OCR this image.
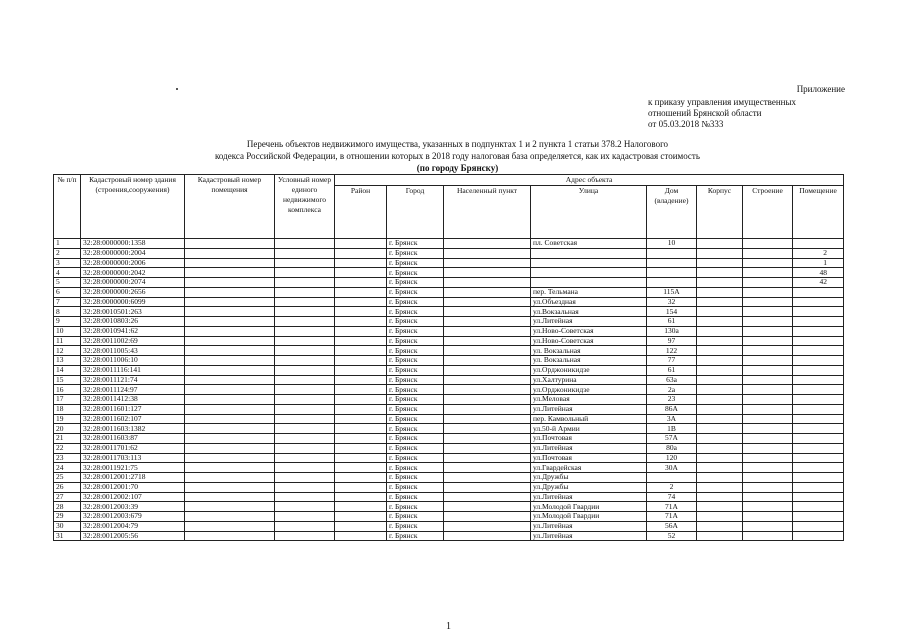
Приложение
к приказу управления имущественных
отношений Брянской области
от 05.03.2018 №333
Перечень объектов недвижимого имущества, указанных в подпунктах 1 и 2 пункта 1 статьи 378.2 Налогового
кодекса Российской Федерации, в отношении которых в 2018 году налоговая база определяется, как их кадастровая стоимость
(по городу Брянску)
№ п/п	Кадастровый номер здания (строения,сооружения)	Кадастровый номер помещения	Условный номер единого недвижимого комплекса	Адрес объекта							
				Район	Город	Населенный пункт	Улица	Дом (владение)	Корпус	Строение	Помещение
1	32:28:0000000:1358				г. Брянск		пл. Советская	10			
2	32:28:0000000:2004				г. Брянск						2
3	32:28:0000000:2006				г. Брянск						1
4	32:28:0000000:2042				г. Брянск						48
5	32:28:0000000:2074				г. Брянск						42
6	32:28:0000000:2656				г. Брянск		пер. Тельмана	115А			
7	32:28:0000000:6099				г. Брянск		ул.Объездная	32			
8	32:28:0010501:263				г. Брянск		ул.Вокзальная	154			
9	32:28:0010803:26				г. Брянск		ул.Литейная	61			
10	32:28:0010941:62				г. Брянск		ул.Ново-Советская	130а			
11	32:28:0011002:69				г. Брянск		ул.Ново-Советская	97			
12	32:28:0011005:43				г. Брянск		ул. Вокзальная	122			
13	32:28:0011006:10				г. Брянск		ул. Вокзальная	77			
14	32:28:0011116:141				г. Брянск		ул.Орджоникидзе	61			
15	32:28:0011121:74				г. Брянск		ул.Халтурина	63а			
16	32:28:0011124:97				г. Брянск		ул.Орджоникидзе	2а			
17	32:28:0011412:38				г. Брянск		ул.Меловая	23			
18	32:28:0011601:127				г. Брянск		ул.Литейная	86А			
19	32:28:0011602:107				г. Брянск		пер. Камвольный	3А			
20	32:28:0011603:1382				г. Брянск		ул.50-й Армии	1В			
21	32:28:0011603:87				г. Брянск		ул.Почтовая	57А			
22	32:28:0011701:62				г. Брянск		ул.Литейная	80а			
23	32:28:0011703:113				г. Брянск		ул.Почтовая	120			
24	32:28:0011921:75				г. Брянск		ул.Гвардейская	30А			
25	32:28:0012001:2718				г. Брянск		ул.Дружбы				
26	32:28:0012001:70				г. Брянск		ул.Дружбы	2			
27	32:28:0012002:107				г. Брянск		ул.Литейная	74			
28	32:28:0012003:39				г. Брянск		ул.Молодой Гвардии	71А			
29	32:28:0012003:679				г. Брянск		ул.Молодой Гвардии	71А			
30	32:28:0012004:79				г. Брянск		ул.Литейная	56А			
31	32:28:0012005:56				г. Брянск		ул.Литейная	52			
1
